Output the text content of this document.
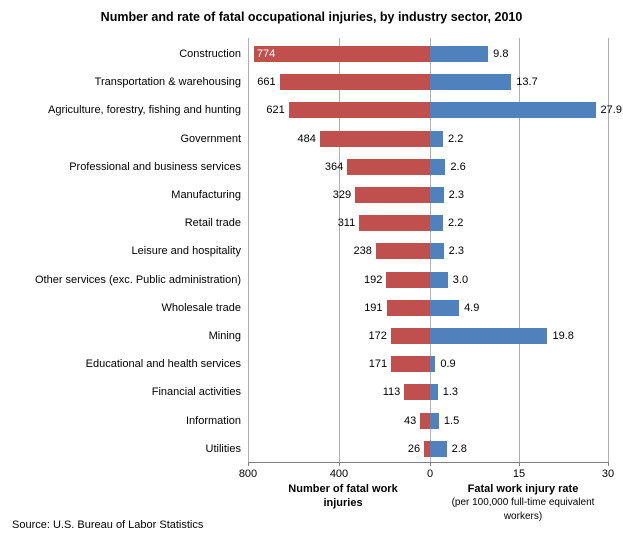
Number and rate of fatal occupational injuries, by industry sector, 2010
Construction 774	9.8
Transportation & warehousing	661	13.7
Agriculture, forestry, fishing and hunting	621	27.9
Government	484	2.2
Professional and business services	364	2.6
Manufacturing	329	2.3
Retail trade	311	2.2
Leisure and hospitality	238	2.3
Other services (exc. Public administration)	192	3.0
Wholesale trade	191	4.9
Mining	172	19.8
Educational and health services	171	0.9
Financial activities	113	1.3
Information	43	1.5
Utilities	26	2.8
800	400	0	15	30
Number of fatal work injuries
Fatal work injury rate
(per 100,000 full-time equivalent workers)
Source: U.S. Bureau of Labor Statistics
